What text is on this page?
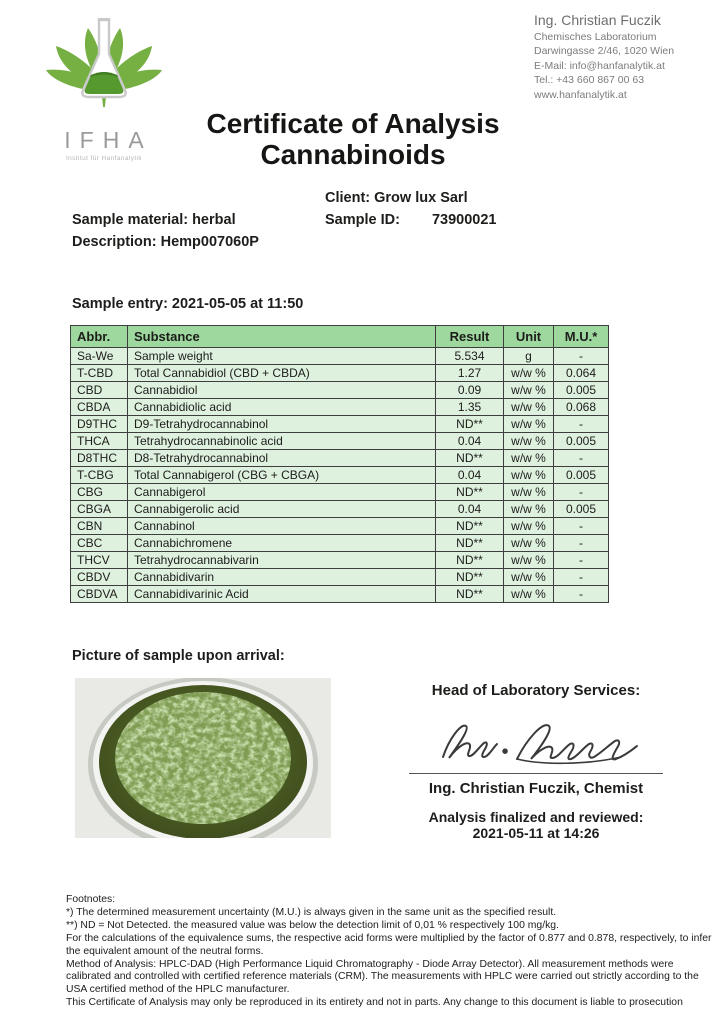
IFHA
Institut für Hanfanalytik
Ing. Christian Fuczik
Chemisches Laboratorium
Darwingasse 2/46, 1020 Wien
E-Mail: info@hanfanalytik.at
Tel.: +43 660 867 00 63
www.hanfanalytik.at
Certificate of Analysis
Cannabinoids
Client: Grow lux Sarl
Sample ID: 73900021
Sample material: herbal
Description: Hemp007060P
Sample entry: 2021-05-05 at 11:50
Abbr.	Substance	Result	Unit	M.U.*
Sa-We	Sample weight	5.534	g	-
T-CBD	Total Cannabidiol (CBD + CBDA)	1.27	w/w %	0.064
CBD	Cannabidiol	0.09	w/w %	0.005
CBDA	Cannabidiolic acid	1.35	w/w %	0.068
D9THC	D9-Tetrahydrocannabinol	ND**	w/w %	-
THCA	Tetrahydrocannabinolic acid	0.04	w/w %	0.005
D8THC	D8-Tetrahydrocannabinol	ND**	w/w %	-
T-CBG	Total Cannabigerol (CBG + CBGA)	0.04	w/w %	0.005
CBG	Cannabigerol	ND**	w/w %	-
CBGA	Cannabigerolic acid	0.04	w/w %	0.005
CBN	Cannabinol	ND**	w/w %	-
CBC	Cannabichromene	ND**	w/w %	-
THCV	Tetrahydrocannabivarin	ND**	w/w %	-
CBDV	Cannabidivarin	ND**	w/w %	-
CBDVA	Cannabidivarinic Acid	ND**	w/w %	-
Picture of sample upon arrival:
Head of Laboratory Services:
Ing. Christian Fuczik, Chemist
Analysis finalized and reviewed:
2021-05-11 at 14:26
Footnotes:
*) The determined measurement uncertainty (M.U.) is always given in the same unit as the specified result.
**) ND = Not Detected. the measured value was below the detection limit of 0,01 % respectively 100 mg/kg.
For the calculations of the equivalence sums, the respective acid forms were multiplied by the factor of 0.877 and 0.878, respectively, to infer the equivalent amount of the neutral forms.
Method of Analysis: HPLC-DAD (High Performance Liquid Chromatography - Diode Array Detector). All measurement methods were calibrated and controlled with certified reference materials (CRM). The measurements with HPLC were carried out strictly according to the USA certified method of the HPLC manufacturer.
This Certificate of Analysis may only be reproduced in its entirety and not in parts. Any change to this document is liable to prosecution
